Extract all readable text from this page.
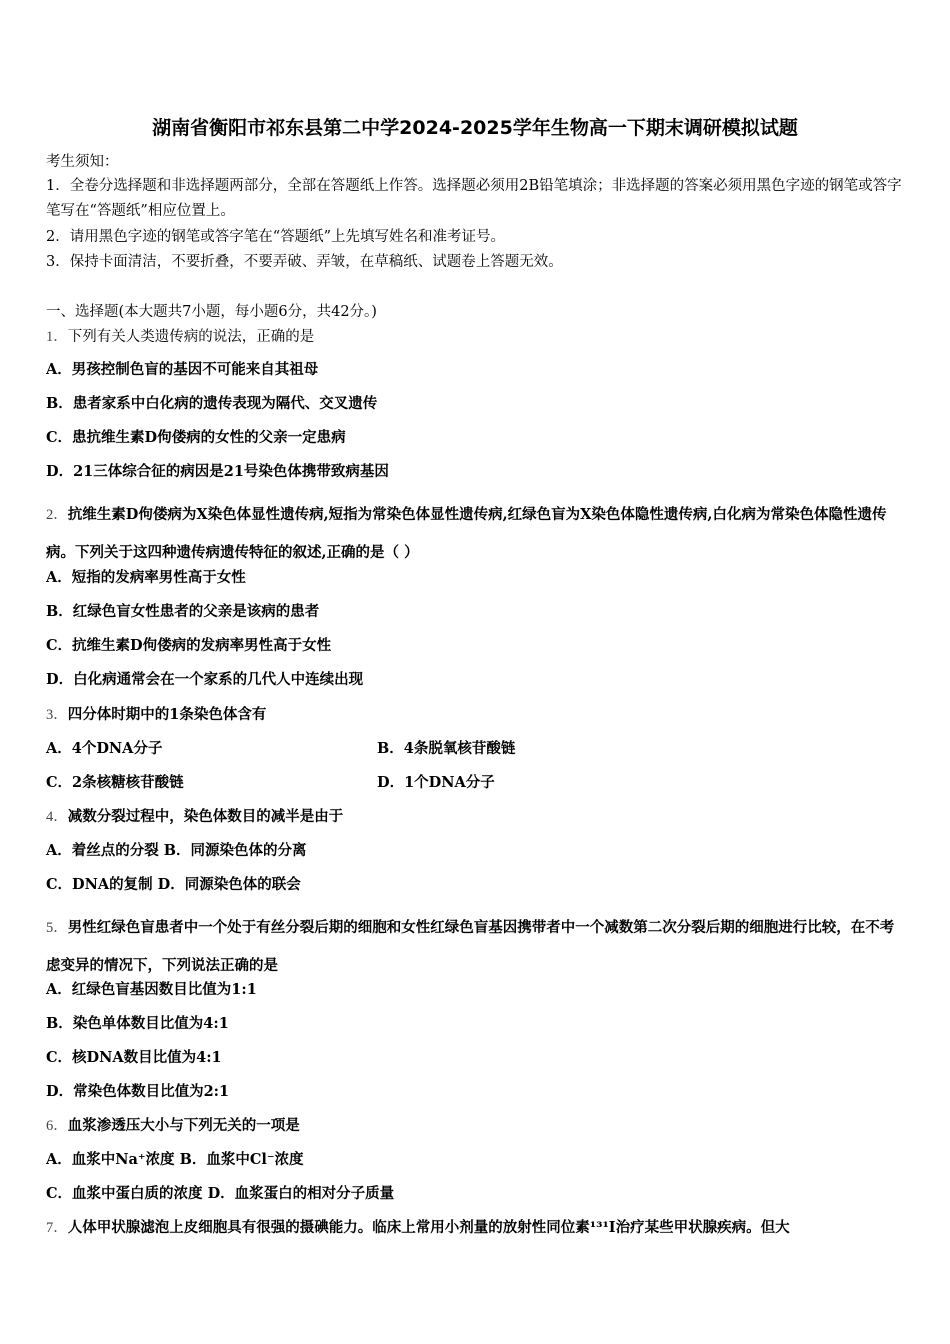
湖南省衡阳市祁东县第二中学2024-2025学年生物高一下期末调研模拟试题
考生须知：
1．全卷分选择题和非选择题两部分，全部在答题纸上作答。选择题必须用2B铅笔填涂；非选择题的答案必须用黑色字迹的钢笔或答字笔写在“答题纸”相应位置上。
2．请用黑色字迹的钢笔或答字笔在“答题纸”上先填写姓名和准考证号。
3．保持卡面清洁，不要折叠，不要弄破、弄皱，在草稿纸、试题卷上答题无效。
一、选择题(本大题共7小题，每小题6分，共42分。)
1．下列有关人类遗传病的说法，正确的是
A．男孩控制色盲的基因不可能来自其祖母
B．患者家系中白化病的遗传表现为隔代、交叉遗传
C．患抗维生素D佝偻病的女性的父亲一定患病
D．21三体综合征的病因是21号染色体携带致病基因
2．抗维生素D佝偻病为X染色体显性遗传病,短指为常染色体显性遗传病,红绿色盲为X染色体隐性遗传病,白化病为常染色体隐性遗传病。下列关于这四种遗传病遗传特征的叙述,正确的是（ ）
A．短指的发病率男性高于女性
B．红绿色盲女性患者的父亲是该病的患者
C．抗维生素D佝偻病的发病率男性高于女性
D．白化病通常会在一个家系的几代人中连续出现
3．四分体时期中的1条染色体含有
A．4个DNA分子	B．4条脱氧核苷酸链
C．2条核糖核苷酸链	D．1个DNA分子
4．减数分裂过程中，染色体数目的减半是由于
A．着丝点的分裂 B．同源染色体的分离
C．DNA的复制 D．同源染色体的联会
5．男性红绿色盲患者中一个处于有丝分裂后期的细胞和女性红绿色盲基因携带者中一个减数第二次分裂后期的细胞进行比较，在不考虑变异的情况下，下列说法正确的是
A．红绿色盲基因数目比值为1:1
B．染色单体数目比值为4:1
C．核DNA数目比值为4:1
D．常染色体数目比值为2:1
6．血浆渗透压大小与下列无关的一项是
A．血浆中Na⁺浓度 B．血浆中Cl⁻浓度
C．血浆中蛋白质的浓度 D．血浆蛋白的相对分子质量
7．人体甲状腺滤泡上皮细胞具有很强的摄碘能力。临床上常用小剂量的放射性同位素¹³¹I治疗某些甲状腺疾病。但大
